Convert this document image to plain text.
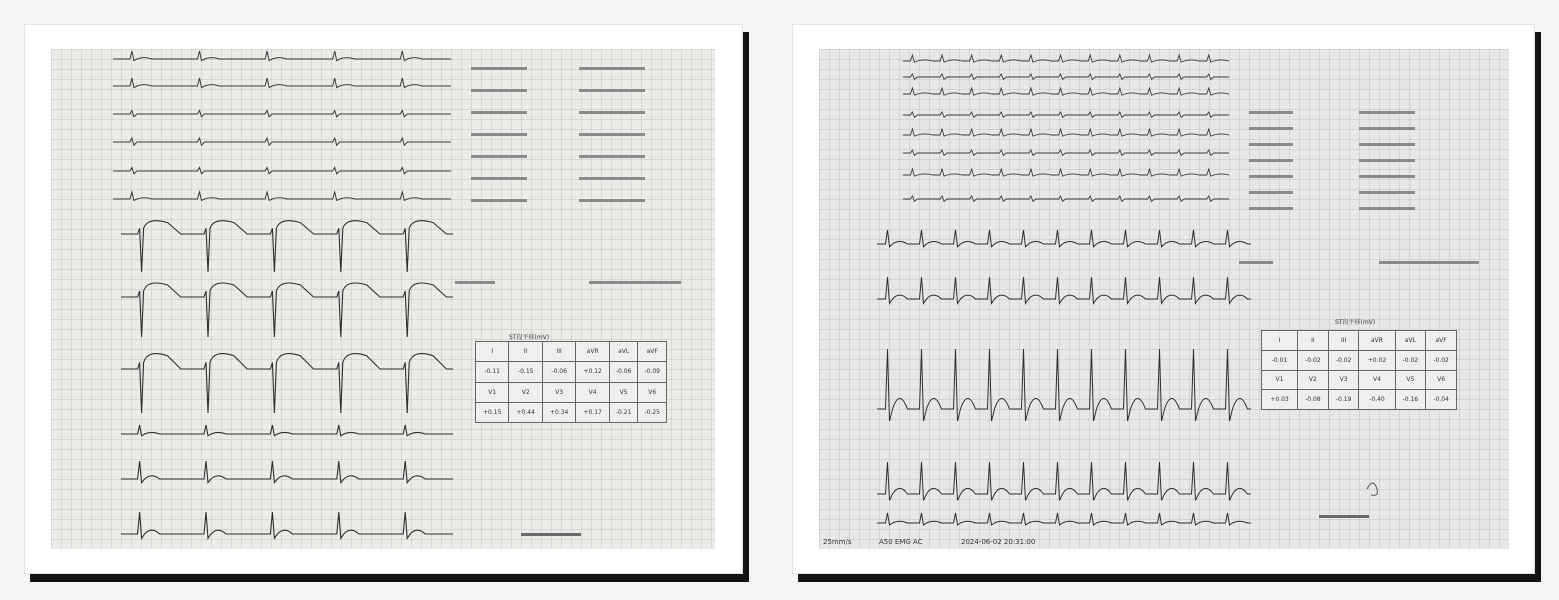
ST段平移(mV)
I	II	III	aVR	aVL	aVF
-0.11	-0.15	-0.06	+0.12	-0.06	-0.09
V1	V2	V3	V4	V5	V6
+0.15	+0.44	+0.34	+0.17	-0.21	-0.25
ST段平移(mV)
I	II	III	aVR	aVL	aVF
-0.01	-0.02	-0.02	+0.02	-0.02	-0.02
V1	V2	V3	V4	V5	V6
+0.03	-0.08	-0.19	-0.40	-0.16	-0.04
25mm/s	A50 EMG AC	2024-06-02 20:31:00
